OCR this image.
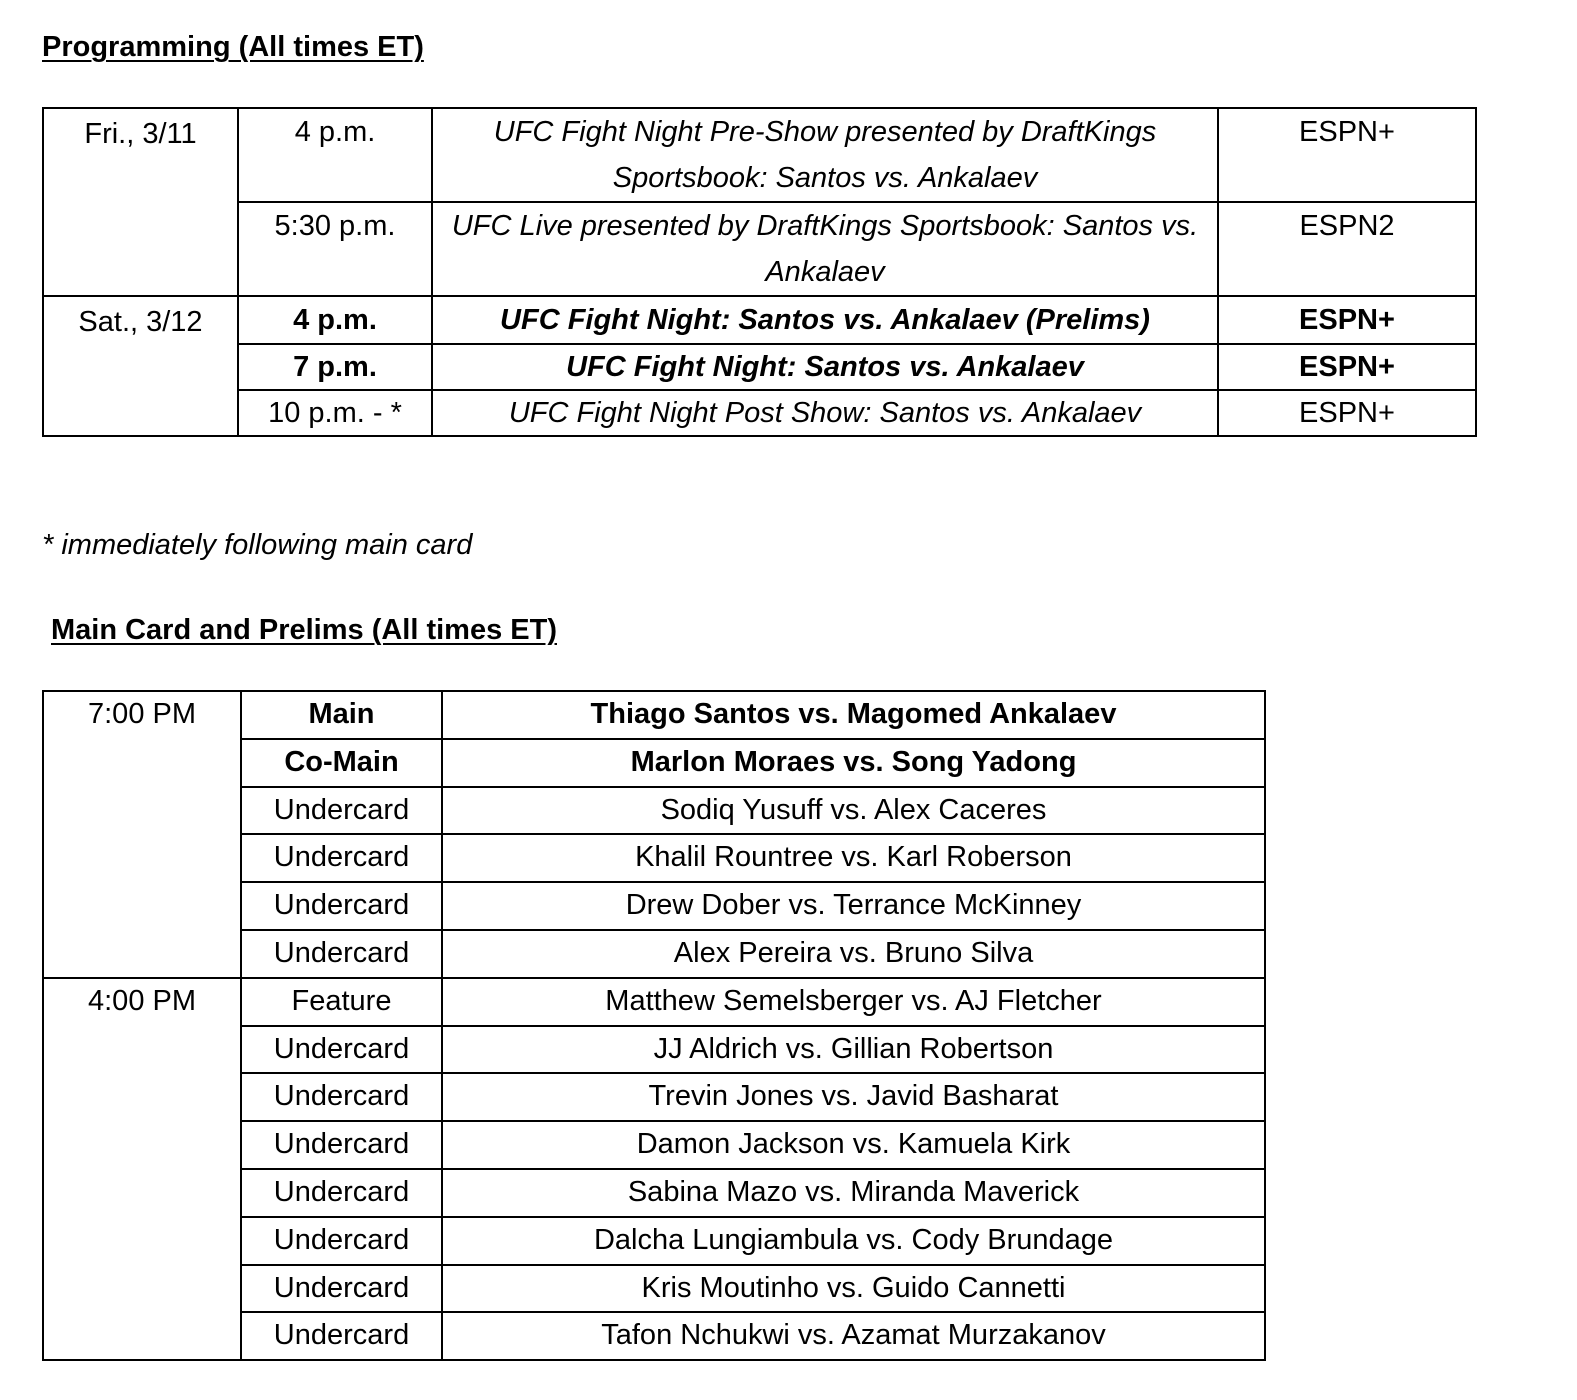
Programming (All times ET)
Fri., 3/11	4 p.m.	UFC Fight Night Pre-Show presented by DraftKings Sportsbook: Santos vs. Ankalaev	ESPN+
	5:30 p.m.	UFC Live presented by DraftKings Sportsbook: Santos vs. Ankalaev	ESPN2
Sat., 3/12	4 p.m.	UFC Fight Night: Santos vs. Ankalaev (Prelims)	ESPN+
	7 p.m.	UFC Fight Night: Santos vs. Ankalaev	ESPN+
	10 p.m. - *	UFC Fight Night Post Show: Santos vs. Ankalaev	ESPN+

* immediately following main card

Main Card and Prelims (All times ET)
7:00 PM	Main	Thiago Santos vs. Magomed Ankalaev
	Co-Main	Marlon Moraes vs. Song Yadong
	Undercard	Sodiq Yusuff vs. Alex Caceres
	Undercard	Khalil Rountree vs. Karl Roberson
	Undercard	Drew Dober vs. Terrance McKinney
	Undercard	Alex Pereira vs. Bruno Silva
4:00 PM	Feature	Matthew Semelsberger vs. AJ Fletcher
	Undercard	JJ Aldrich vs. Gillian Robertson
	Undercard	Trevin Jones vs. Javid Basharat
	Undercard	Damon Jackson vs. Kamuela Kirk
	Undercard	Sabina Mazo vs. Miranda Maverick
	Undercard	Dalcha Lungiambula vs. Cody Brundage
	Undercard	Kris Moutinho vs. Guido Cannetti
	Undercard	Tafon Nchukwi vs. Azamat Murzakanov
